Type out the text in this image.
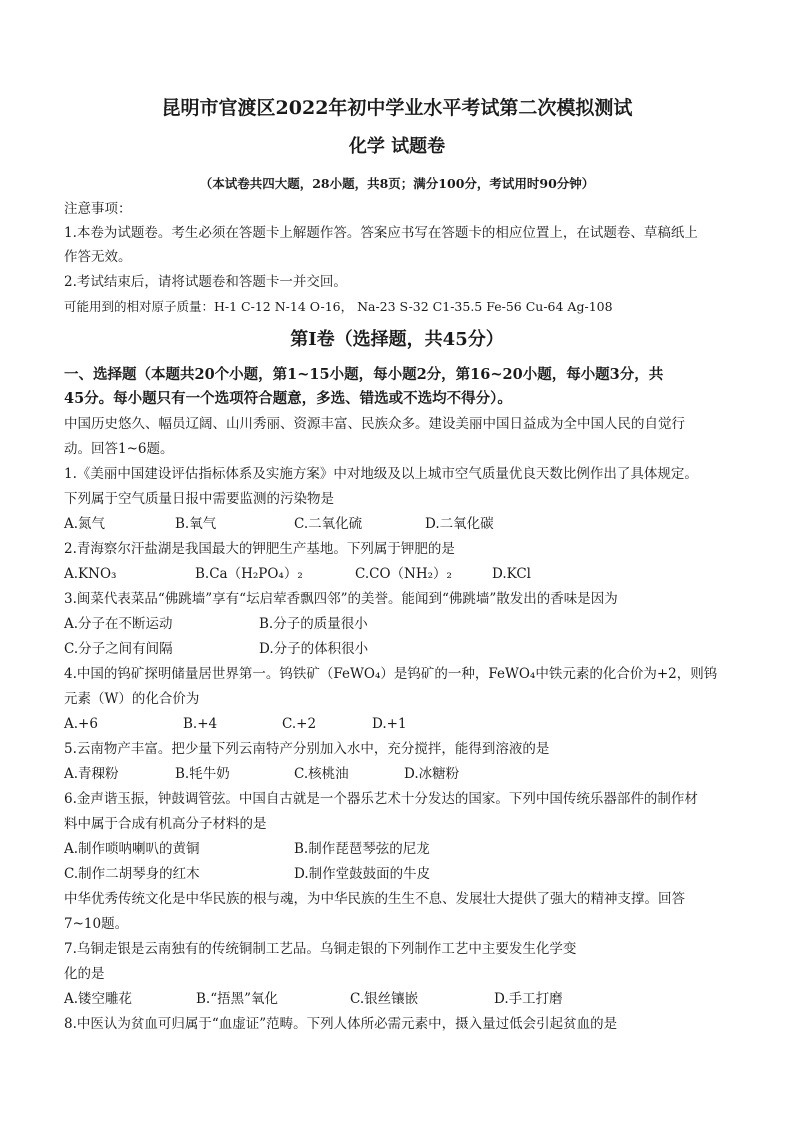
昆明市官渡区2022年初中学业水平考试第二次模拟测试
化学 试题卷
（本试卷共四大题，28小题，共8页；满分100分，考试用时90分钟）
注意事项：
1.本卷为试题卷。考生必须在答题卡上解题作答。答案应书写在答题卡的相应位置上，在试题卷、草稿纸上
作答无效。
2.考试结束后，请将试题卷和答题卡一并交回。
可能用到的相对原子质量：H-1 C-12 N-14 O-16， Na-23 S-32 C1-35.5 Fe-56 Cu-64 Ag-108
第Ⅰ卷（选择题，共45分）
一、选择题（本题共20个小题，第1~15小题，每小题2分，第16~20小题，每小题3分，共
45分。每小题只有一个选项符合题意，多选、错选或不选均不得分）。
中国历史悠久、幅员辽阔、山川秀丽、资源丰富、民族众多。建设美丽中国日益成为全中国人民的自觉行
动。回答1~6题。
1.《美丽中国建设评估指标体系及实施方案》中对地级及以上城市空气质量优良天数比例作出了具体规定。
下列属于空气质量日报中需要监测的污染物是
A.氮气	B.氧气	C.二氧化硫	D.二氧化碳
2.青海察尔汗盐湖是我国最大的钾肥生产基地。下列属于钾肥的是
A.KNO₃	B.Ca（H₂PO₄）₂	C.CO（NH₂）₂	D.KCl
3.闽菜代表菜品“佛跳墙”享有“坛启荤香飘四邻”的美誉。能闻到“佛跳墙”散发出的香味是因为
A.分子在不断运动	B.分子的质量很小
C.分子之间有间隔	D.分子的体积很小
4.中国的钨矿探明储量居世界第一。钨铁矿（FeWO₄）是钨矿的一种，FeWO₄中铁元素的化合价为+2，则钨
元素（W）的化合价为
A.+6	B.+4	C.+2	D.+1
5.云南物产丰富。把少量下列云南特产分别加入水中，充分搅拌，能得到溶液的是
A.青稞粉	B.牦牛奶	C.核桃油	D.冰糖粉
6.金声谐玉振，钟鼓调管弦。中国自古就是一个器乐艺术十分发达的国家。下列中国传统乐器部件的制作材
料中属于合成有机高分子材料的是
A.制作唢呐喇叭的黄铜	B.制作琵琶琴弦的尼龙
C.制作二胡琴身的红木	D.制作堂鼓鼓面的牛皮
中华优秀传统文化是中华民族的根与魂，为中华民族的生生不息、发展壮大提供了强大的精神支撑。回答
7~10题。
7.乌铜走银是云南独有的传统铜制工艺品。乌铜走银的下列制作工艺中主要发生化学变
化的是
A.镂空雕花	B.“捂黑”氧化	C.银丝镶嵌	D.手工打磨
8.中医认为贫血可归属于“血虚证”范畴。下列人体所必需元素中，摄入量过低会引起贫血的是
